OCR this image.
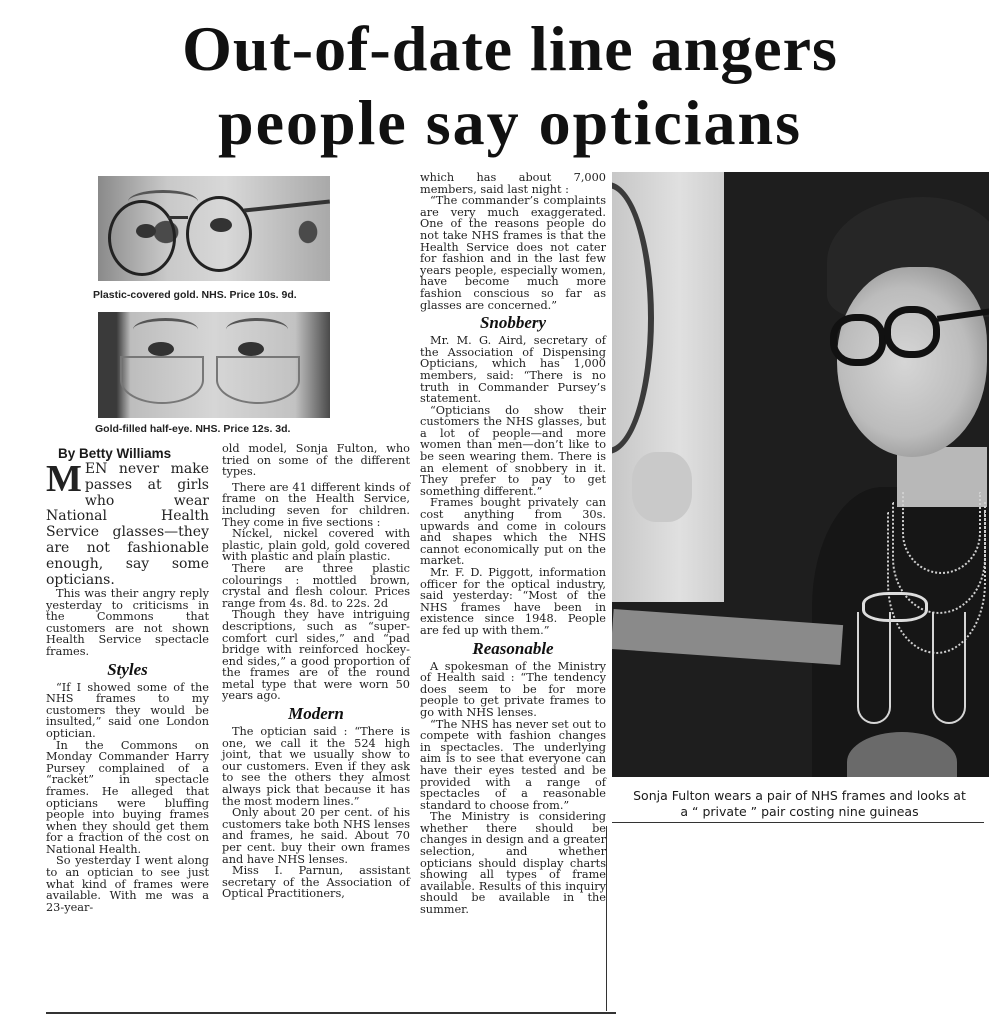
Out-of-date line angers
people say opticians
Plastic-covered gold. NHS. Price 10s. 9d.
Gold-filled half-eye. NHS. Price 12s. 3d.
By Betty Williams
MEN never make passes at girls who wear National Health Service glasses—they are not fashionable enough, say some opticians.

This was their angry reply yesterday to criticisms in the Commons that customers are not shown Health Service spectacle frames.

Styles

“If I showed some of the NHS frames to my customers they would be insulted,” said one London optician.

In the Commons on Monday Commander Harry Pursey complained of a “racket” in spectacle frames. He alleged that opticians were bluffing people into buying frames when they should get them for a fraction of the cost on National Health.

So yesterday I went along to an optician to see just what kind of frames were available. With me was a 23-year-

old model, Sonja Fulton, who tried on some of the different types.

There are 41 different kinds of frame on the Health Service, including seven for children. They come in five sections :

Nickel, nickel covered with plastic, plain gold, gold covered with plastic and plain plastic.

There are three plastic colourings : mottled brown, crystal and flesh colour. Prices range from 4s. 8d. to 22s. 2d

Though they have intriguing descriptions, such as “super-comfort curl sides,” and “pad bridge with reinforced hockey-end sides,” a good proportion of the frames are of the round metal type that were worn 50 years ago.

Modern

The optician said : “There is one, we call it the 524 high joint, that we usually show to our customers. Even if they ask to see the others they almost always pick that because it has the most modern lines.”

Only about 20 per cent. of his customers take both NHS lenses and frames, he said. About 70 per cent. buy their own frames and have NHS lenses.

Miss I. Parnun, assistant secretary of the Association of Optical Practitioners,

which has about 7,000 members, said last night :

“The commander’s complaints are very much exaggerated. One of the reasons people do not take NHS frames is that the Health Service does not cater for fashion and in the last few years people, especially women, have become much more fashion conscious so far as glasses are concerned.”

Snobbery

Mr. M. G. Aird, secretary of the Association of Dispensing Opticians, which has 1,000 members, said: “There is no truth in Commander Pursey’s statement.

“Opticians do show their customers the NHS glasses, but a lot of people—and more women than men—don’t like to be seen wearing them. There is an element of snobbery in it. They prefer to pay to get something different.”

Frames bought privately can cost anything from 30s. upwards and come in colours and shapes which the NHS cannot economically put on the market.

Mr. F. D. Piggott, information officer for the optical industry, said yesterday: “Most of the NHS frames have been in existence since 1948. People are fed up with them.”

Reasonable

A spokesman of the Ministry of Health said : “The tendency does seem to be for more people to get private frames to go with NHS lenses.

“The NHS has never set out to compete with fashion changes in spectacles. The underlying aim is to see that everyone can have their eyes tested and be provided with a range of spectacles of a reasonable standard to choose from.”

The Ministry is considering whether there should be changes in design and a greater selection, and whether opticians should display charts showing all types of frame available. Results of this inquiry should be available in the summer.

Sonja Fulton wears a pair of NHS frames and looks at
a “ private ” pair costing nine guineas
